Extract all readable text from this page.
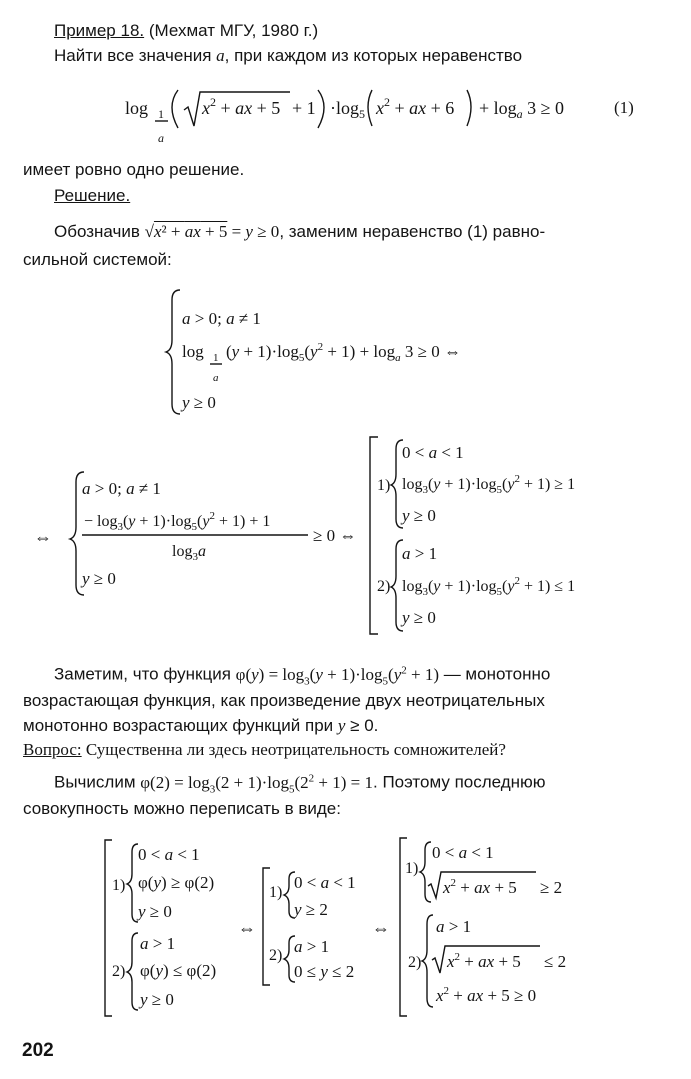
Пример 18. (Мехмат МГУ, 1980 г.)
Найти все значения a, при каждом из которых неравенство
log 1
a
$x^2$ + ax + $5 + 1 \cdot\log_5$ $x^2$ + ax + $6 + \log_a 3 \ge 0$	(1)
имеет ровно одно решение.
Решение.
Обозначив √x² + ax + 5 = y ≥ 0, заменим неравенство (1) равно-
сильной системой:
a > 0; a ≠ 1
log 1
a
$(y + 1)\cdot\log_5(y^2 + 1) + \log_a 3 \ge 0$ ⇔
y ≥ 0
⇔
a > 0; a ≠ 1
− $\log_3(y + 1)\cdot\log_5(y^2 + 1) + 1$
$\log_3a$
≥ 0 ⇔
y ≥ 0
1)
0 < a < 1
$\log_3(y + 1)\cdot\log_5(y^2 + 1) \ge 1$
y ≥ 0
2)
a > 1
$\log_3(y + 1)\cdot\log_5(y^2 + 1) \le 1$
y ≥ 0
Заметим, что функция $\varphi(y) = \log_3(y + 1)\cdot\log_5(y^2 + 1)$ — монотонно
возрастающая функция, как произведение двух неотрицательных
монотонно возрастающих функций при y ≥ 0.
Вопрос: Существенна ли здесь неотрицательность сомножителей?
Вычислим $\varphi(2) = \log_3(2 + 1)\cdot\log_5(2^2 + 1) = 1$. Поэтому последнюю
совокупность можно переписать в виде:
1)
0 < a < 1
φ(y) ≥ φ(2)
y ≥ 0
2)
a > 1
φ(y) ≤ φ(2)
y ≥ 0
⇔
1)
0 < a < 1
y ≥ 2
2) a > 1
0 ≤ y ≤ 2
⇔
1)
0 < a < 1
$x^2$ + ax + 5 ≥ 2
2)
a > 1
$x^2$ + ax + 5 ≤ 2
$x^2$ + ax + 5 ≥ 0
202
